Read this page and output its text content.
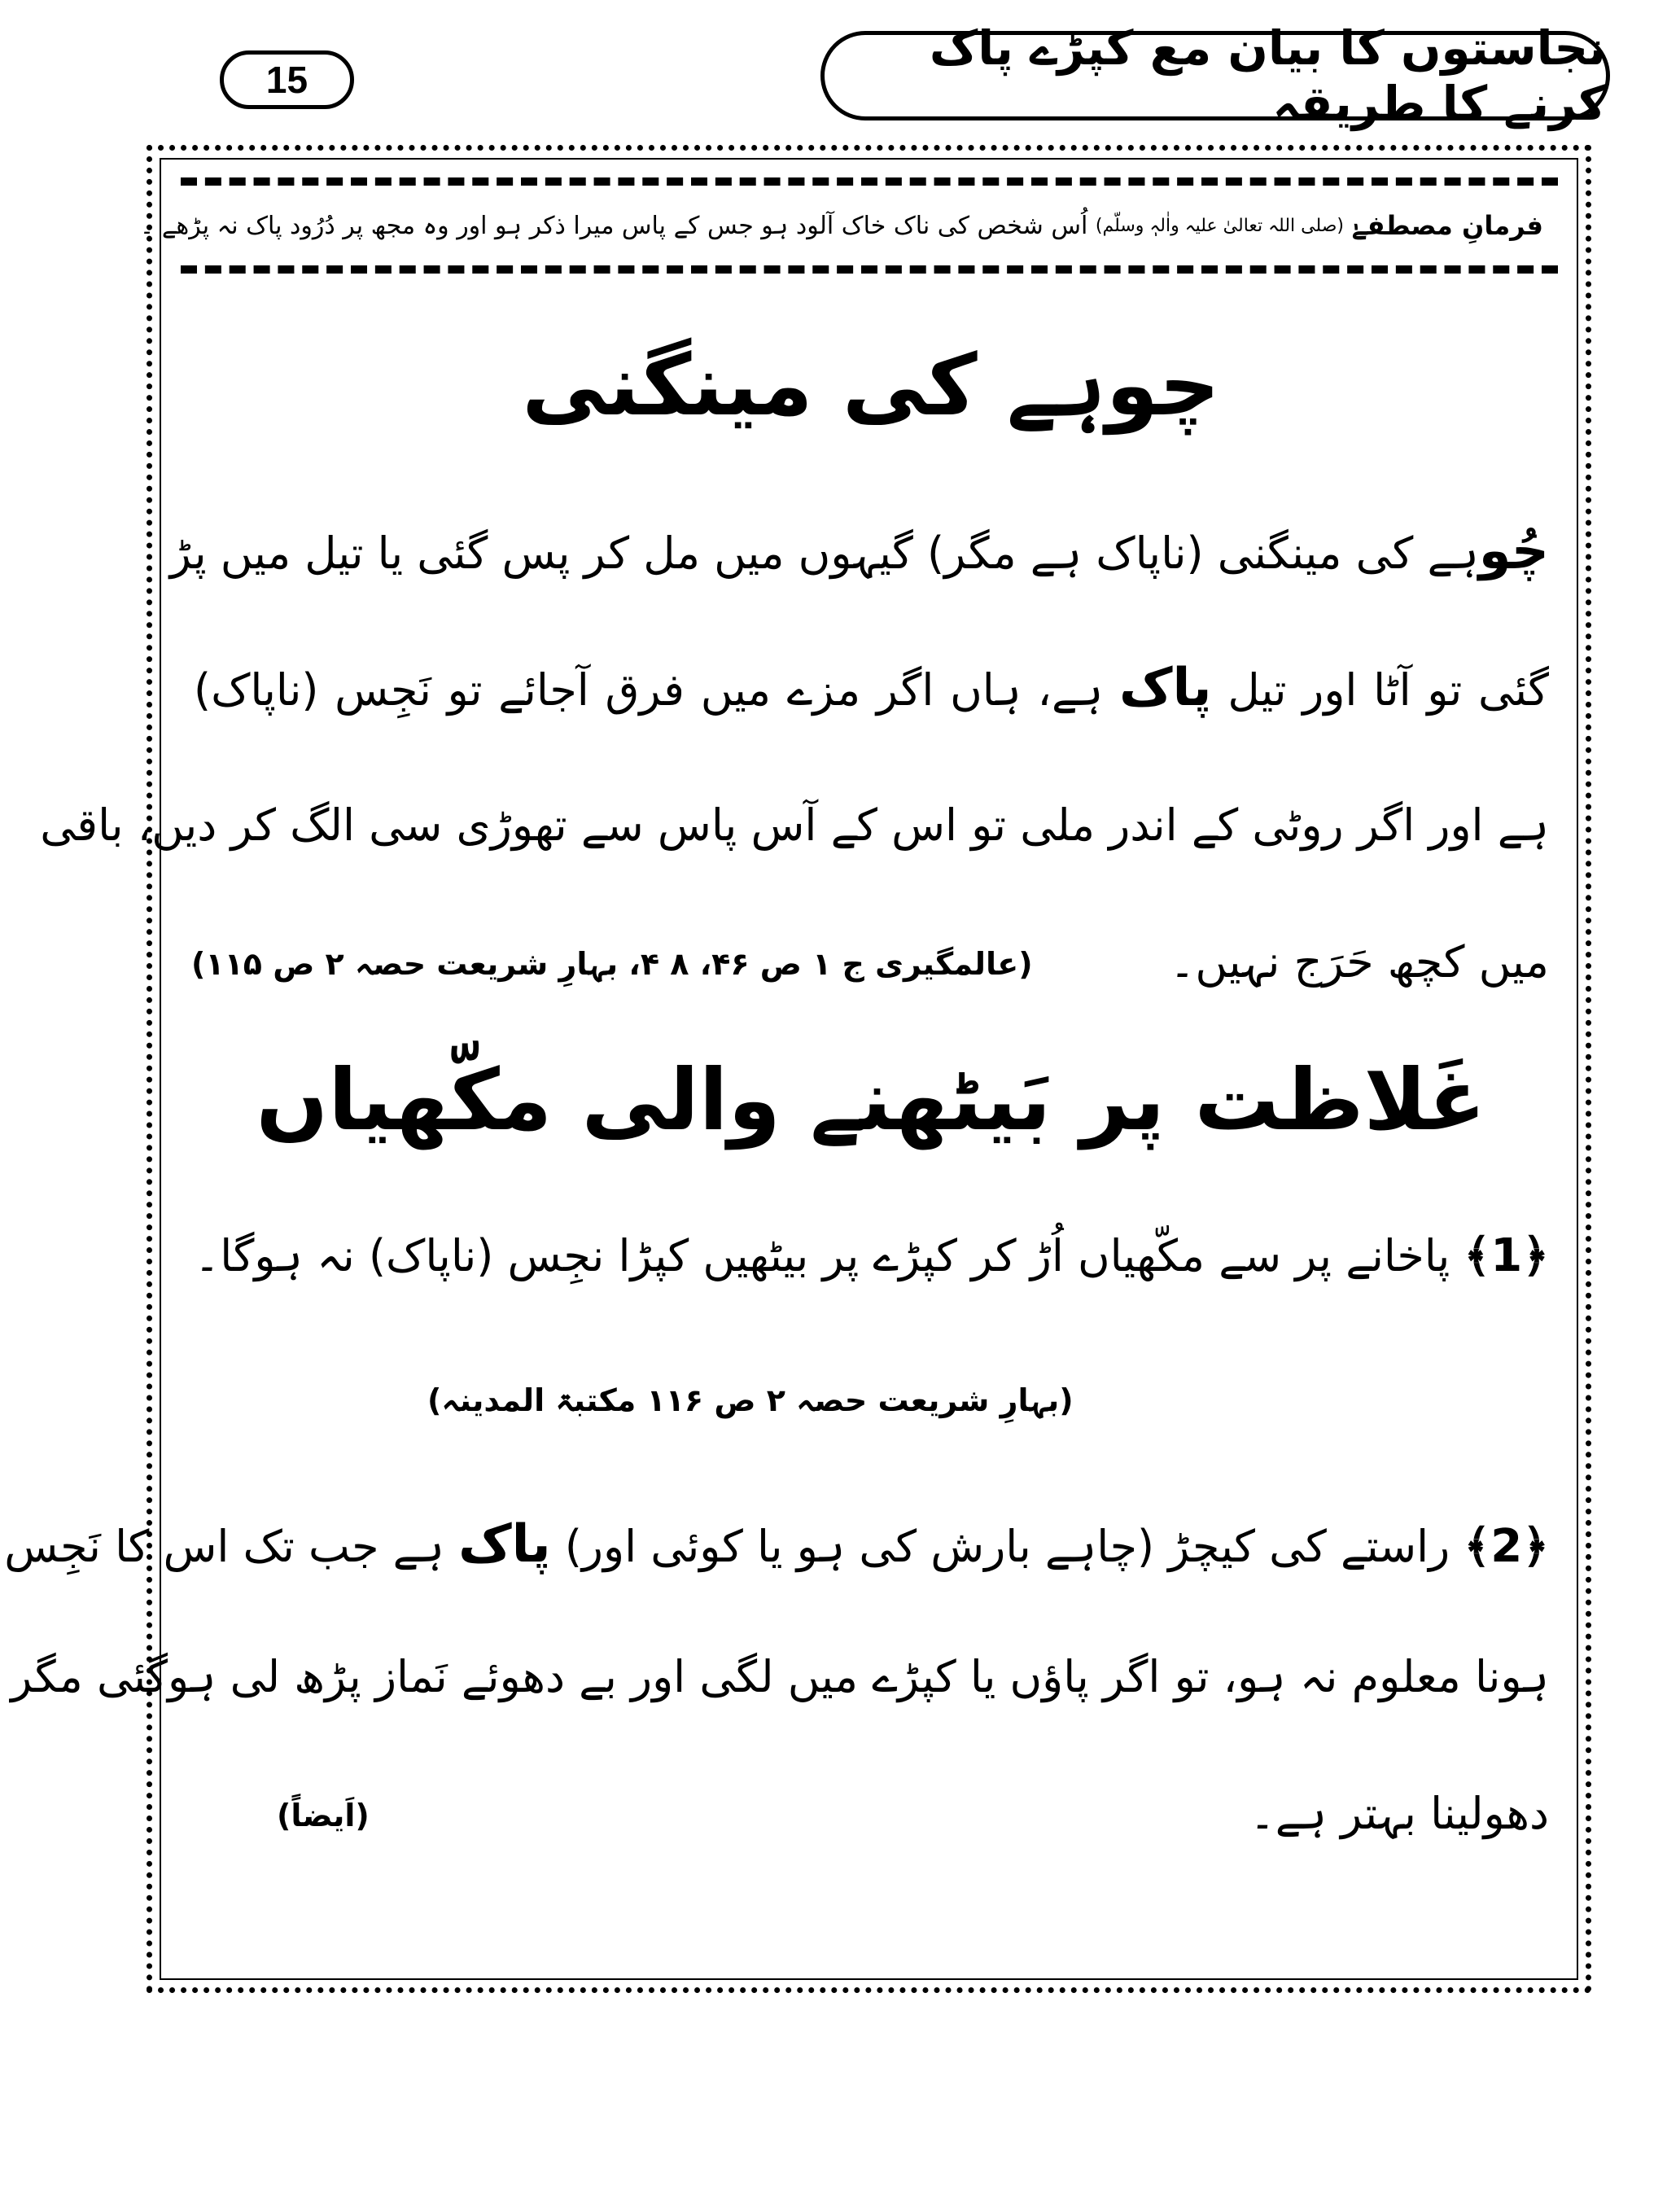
15
نجاستوں کا بیان مع کپڑے پاک کرنے کا طریقہ
فرمانِ مصطفےٰ

(صلی اللہ تعالیٰ علیہ واٰلہٖ وسلّم)

اُس شخص کی ناک خاک آلود ہو جس کے پاس میرا ذکر ہو اور وہ مجھ پر دُرُود پاک نہ پڑھے ۔
چوہے کی مینگنی
چُوہے کی مینگنی (ناپاک ہے مگر) گیہوں میں مل کر پس گئی یا تیل میں پڑ
گئی تو آٹا اور تیل پاک ہے، ہاں اگر مزے میں فرق آجائے تو نَجِس (ناپاک)
ہے اور اگر روٹی کے اندر ملی تو اس کے آس پاس سے تھوڑی سی الگ کر دیں، باقی
میں کچھ حَرَج نہیں۔
(عالمگیری ج ۱ ص ۴۶، ۸ ۴، بہارِ شریعت حصہ ۲ ص ۱۱۵)
غَلاظت پر بَیٹھنے والی مکّھیاں
﴿1﴾ پاخانے پر سے مکّھیاں اُڑ کر کپڑے پر بیٹھیں کپڑا نجِس (ناپاک) نہ ہوگا۔
(بہارِ شریعت حصہ ۲ ص ۱۱۶ مکتبۃ المدینہ)
﴿2﴾ راستے کی کیچڑ (چاہے بارش کی ہو یا کوئی اور) پاک ہے جب تک اس کا نَجِس
ہونا معلوم نہ ہو، تو اگر پاؤں یا کپڑے میں لگی اور بے دھوئے نَماز پڑھ لی ہوگئی مگر
دھولینا بہتر ہے۔
(اَیضاً)
